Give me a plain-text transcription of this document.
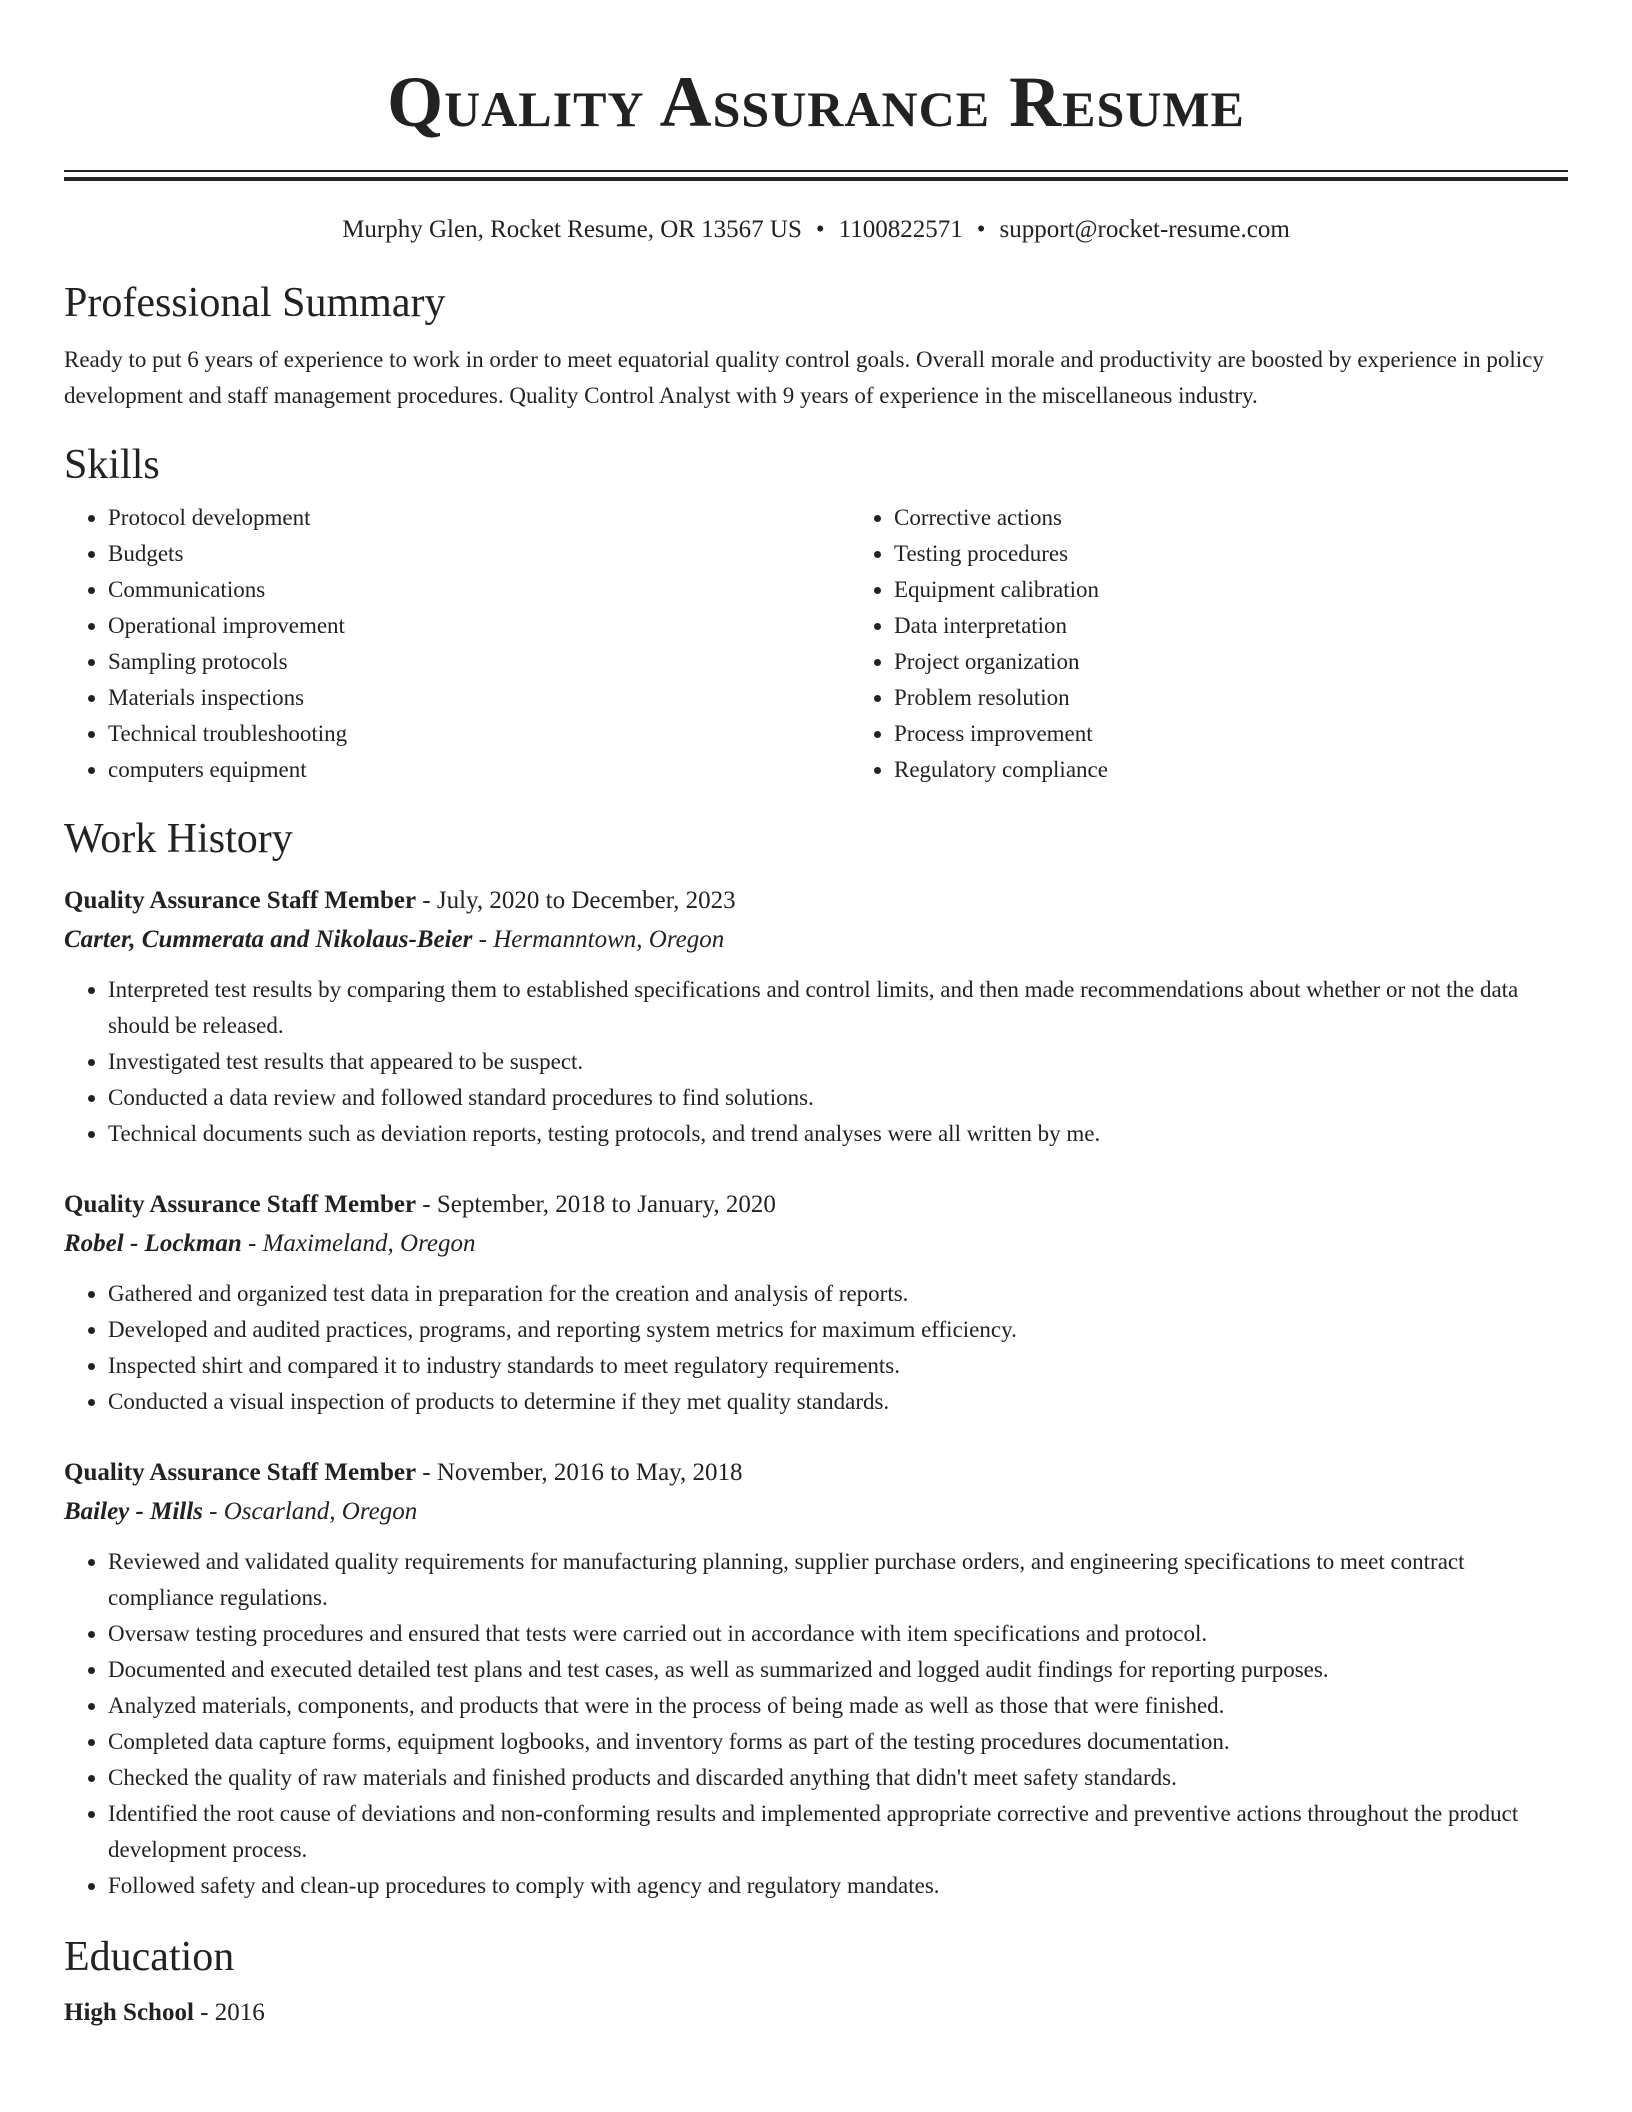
Quality Assurance Resume
Murphy Glen, Rocket Resume, OR 13567 US • 1100822571 • support@rocket-resume.com
Professional Summary

Ready to put 6 years of experience to work in order to meet equatorial quality control goals. Overall morale and productivity are boosted by experience in policy development and staff management procedures. Quality Control Analyst with 9 years of experience in the miscellaneous industry.

Skills
• Protocol development
• Budgets
• Communications
• Operational improvement
• Sampling protocols
• Materials inspections
• Technical troubleshooting
• computers equipment
• Corrective actions
• Testing procedures
• Equipment calibration
• Data interpretation
• Project organization
• Problem resolution
• Process improvement
• Regulatory compliance
Work History
Quality Assurance Staff Member - July, 2020 to December, 2023
Carter, Cummerata and Nikolaus-Beier - Hermanntown, Oregon
• Interpreted test results by comparing them to established specifications and control limits, and then made recommendations about whether or not the data should be released.
• Investigated test results that appeared to be suspect.
• Conducted a data review and followed standard procedures to find solutions.
• Technical documents such as deviation reports, testing protocols, and trend analyses were all written by me.
Quality Assurance Staff Member - September, 2018 to January, 2020
Robel - Lockman - Maximeland, Oregon
• Gathered and organized test data in preparation for the creation and analysis of reports.
• Developed and audited practices, programs, and reporting system metrics for maximum efficiency.
• Inspected shirt and compared it to industry standards to meet regulatory requirements.
• Conducted a visual inspection of products to determine if they met quality standards.
Quality Assurance Staff Member - November, 2016 to May, 2018
Bailey - Mills - Oscarland, Oregon
• Reviewed and validated quality requirements for manufacturing planning, supplier purchase orders, and engineering specifications to meet contract compliance regulations.
• Oversaw testing procedures and ensured that tests were carried out in accordance with item specifications and protocol.
• Documented and executed detailed test plans and test cases, as well as summarized and logged audit findings for reporting purposes.
• Analyzed materials, components, and products that were in the process of being made as well as those that were finished.
• Completed data capture forms, equipment logbooks, and inventory forms as part of the testing procedures documentation.
• Checked the quality of raw materials and finished products and discarded anything that didn't meet safety standards.
• Identified the root cause of deviations and non-conforming results and implemented appropriate corrective and preventive actions throughout the product development process.
• Followed safety and clean-up procedures to comply with agency and regulatory mandates.
Education
High School - 2016
